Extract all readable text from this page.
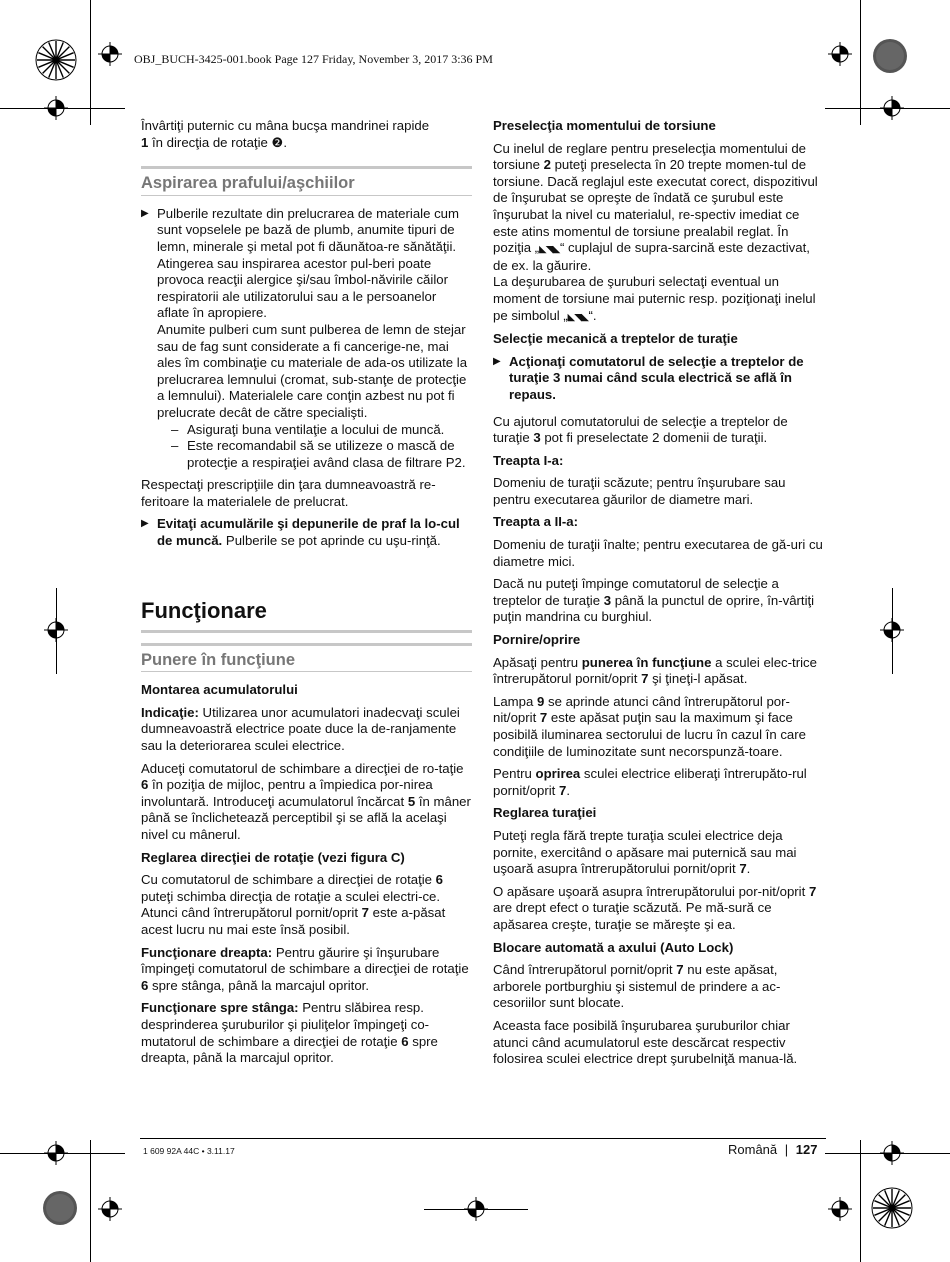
OBJ_BUCH-3425-001.book Page 127 Friday, November 3, 2017 3:36 PM

Învârtiţi puternic cu mâna bucşa mandrinei rapide
1 în direcţia de rotaţie ❷.

Aspirarea prafului/aşchiilor
▶ Pulberile rezultate din prelucrarea de materiale cum sunt vopselele pe bază de plumb, anumite tipuri de lemn, minerale şi metal pot fi dăunătoa-re sănătăţii. Atingerea sau inspirarea acestor pul-beri poate provoca reacţii alergice şi/sau îmbol-năvirile căilor respiratorii ale utilizatorului sau a le persoanelor aflate în apropiere.
Anumite pulberi cum sunt pulberea de lemn de stejar sau de fag sunt considerate a fi cancerige-ne, mai ales îm combinaţie cu materiale de ada-os utilizate la prelucrarea lemnului (cromat, sub-stanţe de protecţie a lemnului). Materialele care conţin azbest nu pot fi prelucrate decât de către specialişti.
– Asiguraţi buna ventilaţie a locului de muncă.
– Este recomandabil să se utilizeze o mască de protecţie a respiraţiei având clasa de filtrare P2.

Respectaţi prescripţiile din ţara dumneavoastră re-feritoare la materialele de prelucrat.

▶ Evitaţi acumulările şi depunerile de praf la lo-cul de muncă. Pulberile se pot aprinde cu uşu-rinţă.
Funcţionare
Punere în funcţiune

Montarea acumulatorului

Indicaţie: Utilizarea unor acumulatori inadecvaţi sculei dumneavoastră electrice poate duce la de-ranjamente sau la deteriorarea sculei electrice.

Aduceţi comutatorul de schimbare a direcţiei de ro-taţie 6 în poziţia de mijloc, pentru a împiedica por-nirea involuntară. Introduceţi acumulatorul încărcat 5 în mâner până se înclichetează perceptibil şi se află la acelaşi nivel cu mânerul.

Reglarea direcţiei de rotaţie (vezi figura C)

Cu comutatorul de schimbare a direcţiei de rotaţie 6 puteţi schimba direcţia de rotaţie a sculei electri-ce. Atunci când întrerupătorul pornit/oprit 7 este a-păsat acest lucru nu mai este însă posibil.

Funcţionare dreapta: Pentru găurire şi înşurubare împingeţi comutatorul de schimbare a direcţiei de rotaţie 6 spre stânga, până la marcajul opritor.

Funcţionare spre stânga: Pentru slăbirea resp. desprinderea şuruburilor şi piuliţelor împingeţi co-mutatorul de schimbare a direcţiei de rotaţie 6 spre dreapta, până la marcajul opritor.

Preselecţia momentului de torsiune

Cu inelul de reglare pentru preselecţia momentului de torsiune 2 puteţi preselecta în 20 trepte momen-tul de torsiune. Dacă reglajul este executat corect, dispozitivul de înşurubat se opreşte de îndată ce şurubul este înşurubat la nivel cu materialul, re-spectiv imediat ce este atins momentul de torsiune prealabil reglat. În poziţia „◣◥◣“ cuplajul de supra-sarcină este dezactivat, de ex. la găurire.

La deşurubarea de şuruburi selectaţi eventual un moment de torsiune mai puternic resp. poziţionaţi inelul pe simbolul „◣◥◣“.

Selecţie mecanică a treptelor de turaţie

▶ Acţionaţi comutatorul de selecţie a treptelor de turaţie 3 numai când scula electrică se află în repaus.

Cu ajutorul comutatorului de selecţie a treptelor de turaţie 3 pot fi preselectate 2 domenii de turaţii.

Treapta I-a:

Domeniu de turaţii scăzute; pentru înşurubare sau pentru executarea găurilor de diametre mari.

Treapta a II-a:

Domeniu de turaţii înalte; pentru executarea de gă-uri cu diametre mici.

Dacă nu puteţi împinge comutatorul de selecţie a treptelor de turaţie 3 până la punctul de oprire, în-vârtiţi puţin mandrina cu burghiul.

Pornire/oprire

Apăsaţi pentru punerea în funcţiune a sculei elec-trice întrerupătorul pornit/oprit 7 şi ţineţi-l apăsat.

Lampa 9 se aprinde atunci când întrerupătorul por-nit/oprit 7 este apăsat puţin sau la maximum şi face posibilă iluminarea sectorului de lucru în cazul în care condiţiile de luminozitate sunt necorspunză-toare.

Pentru oprirea sculei electrice eliberaţi întrerupăto-rul pornit/oprit 7.

Reglarea turaţiei

Puteţi regla fără trepte turaţia sculei electrice deja pornite, exercitând o apăsare mai puternică sau mai uşoară asupra întrerupătorului pornit/oprit 7.

O apăsare uşoară asupra întrerupătorului por-nit/oprit 7 are drept efect o turaţie scăzută. Pe mă-sură ce apăsarea creşte, turaţie se măreşte şi ea.

Blocare automată a axului (Auto Lock)

Când întrerupătorul pornit/oprit 7 nu este apăsat, arborele portburghiu şi sistemul de prindere a ac-cesoriilor sunt blocate.

Aceasta face posibilă înşurubarea şuruburilor chiar atunci când acumulatorul este descărcat respectiv folosirea sculei electrice drept şurubelniţă manua-lă.

1 609 92A 44C • 3.11.17	Română | 127
